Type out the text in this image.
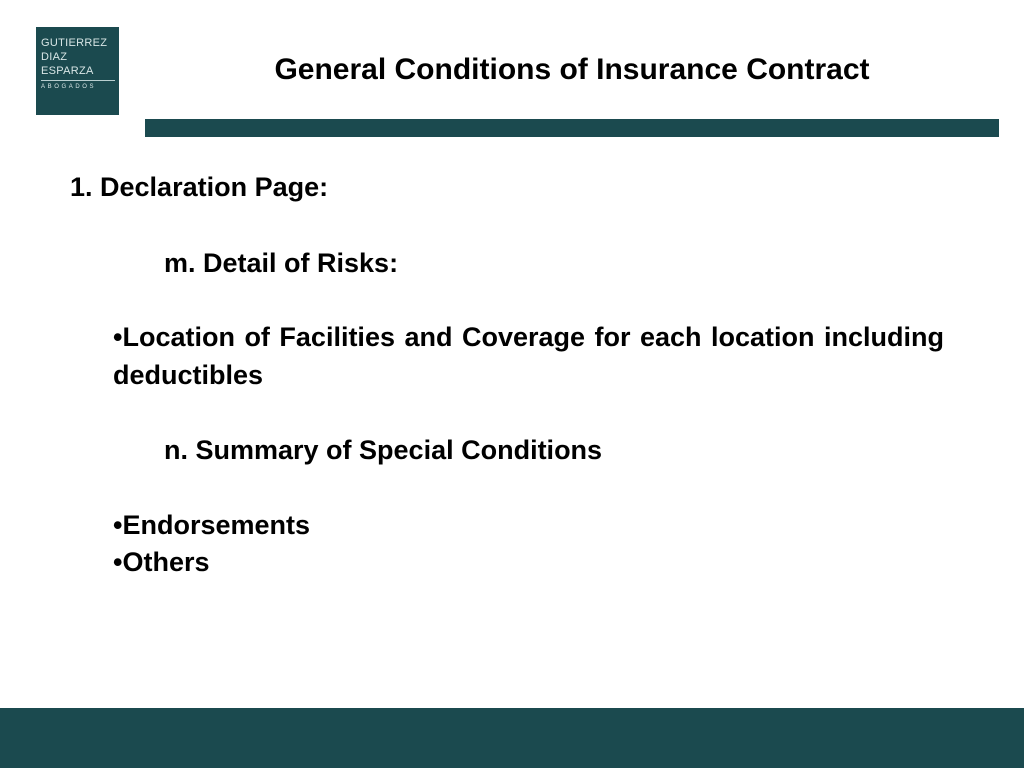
GUTIERREZ
DIAZ
ESPARZA
ABOGADOS
General Conditions of Insurance Contract
1. Declaration Page:
m. Detail of Risks:
•Location of Facilities and Coverage for each location including deductibles
n. Summary of Special Conditions
•Endorsements
•Others
